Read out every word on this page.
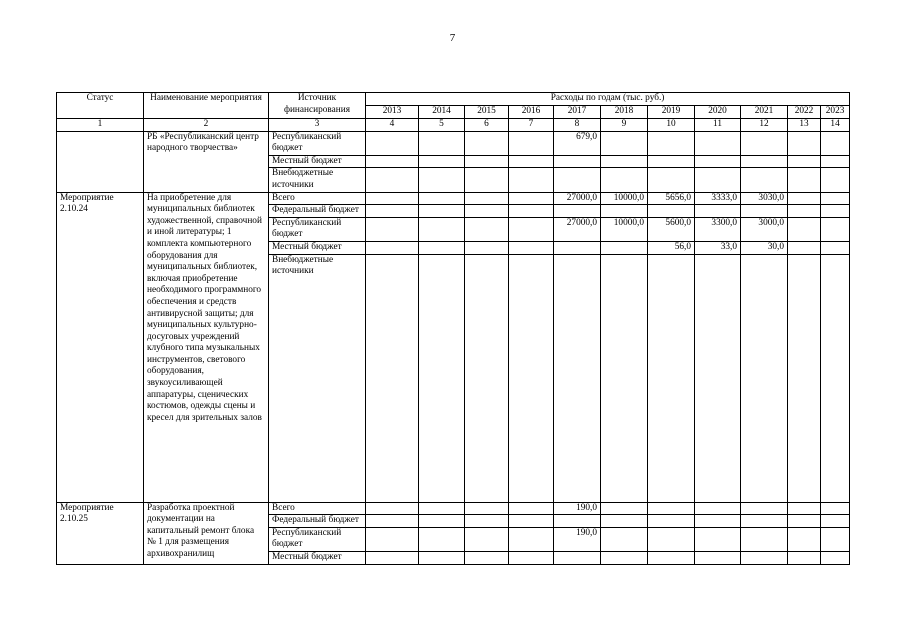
7
Статус	Наименование мероприятия	Источник финансирования	Расходы по годам (тыс. руб.)										
			2013	2014	2015	2016	2017	2018	2019	2020	2021	2022	2023
1	2	3	4	5	6	7	8	9	10	11	12	13	14
	РБ «Республиканский центр народного творчества»	Республиканский бюджет					679,0						
		Местный бюджет											
		Внебюджетные источники											
Мероприятие 2.10.24	На приобретение для муниципальных библиотек художественной, справочной и иной литературы; 1 комплекта компьютерного оборудования для муниципальных библиотек, включая приобретение необходимого программного обеспечения и средств антивирусной защиты; для муниципальных культурно-досуговых учреждений клубного типа музыкальных инструментов, светового оборудования, звукоусиливающей аппаратуры, сценических костюмов, одежды сцены и кресел для зрительных залов	Всего					27000,0	10000,0	5656,0	3333,0	3030,0		
		Федеральный бюджет											
		Республиканский бюджет					27000,0	10000,0	5600,0	3300,0	3000,0		
		Местный бюджет							56,0	33,0	30,0		
		Внебюджетные источники											
Мероприятие 2.10.25	Разработка проектной документации на капитальный ремонт блока № 1 для размещения архивохранилищ	Всего					190,0						
		Федеральный бюджет											
		Республиканский бюджет					190,0						
		Местный бюджет											
